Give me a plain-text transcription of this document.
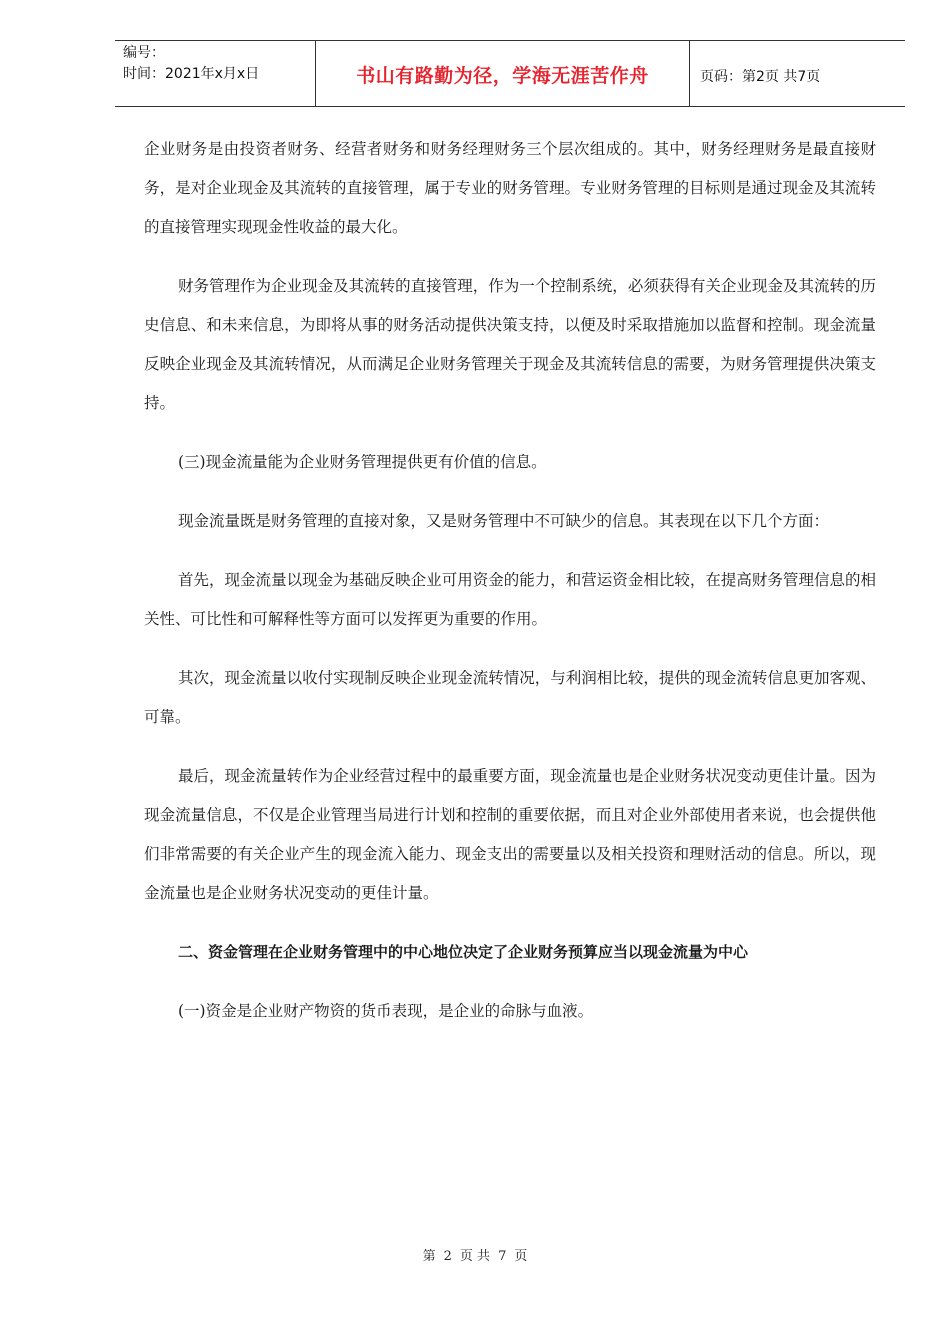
编号：
时间：2021年x月x日	书山有路勤为径，学海无涯苦作舟	页码：第2页 共7页

企业财务是由投资者财务、经营者财务和财务经理财务三个层次组成的。其中，财务经理财务是最直接财务，是对企业现金及其流转的直接管理，属于专业的财务管理。专业财务管理的目标则是通过现金及其流转的直接管理实现现金性收益的最大化。

财务管理作为企业现金及其流转的直接管理，作为一个控制系统，必须获得有关企业现金及其流转的历史信息、和未来信息，为即将从事的财务活动提供决策支持，以便及时采取措施加以监督和控制。现金流量反映企业现金及其流转情况，从而满足企业财务管理关于现金及其流转信息的需要，为财务管理提供决策支持。

(三)现金流量能为企业财务管理提供更有价值的信息。

现金流量既是财务管理的直接对象，又是财务管理中不可缺少的信息。其表现在以下几个方面：

首先，现金流量以现金为基础反映企业可用资金的能力，和营运资金相比较，在提高财务管理信息的相关性、可比性和可解释性等方面可以发挥更为重要的作用。

其次，现金流量以收付实现制反映企业现金流转情况，与利润相比较，提供的现金流转信息更加客观、可靠。

最后，现金流量转作为企业经营过程中的最重要方面，现金流量也是企业财务状况变动更佳计量。因为现金流量信息，不仅是企业管理当局进行计划和控制的重要依据，而且对企业外部使用者来说，也会提供他们非常需要的有关企业产生的现金流入能力、现金支出的需要量以及相关投资和理财活动的信息。所以，现金流量也是企业财务状况变动的更佳计量。

二、资金管理在企业财务管理中的中心地位决定了企业财务预算应当以现金流量为中心

(一)资金是企业财产物资的货币表现，是企业的命脉与血液。

第 2 页 共 7 页
